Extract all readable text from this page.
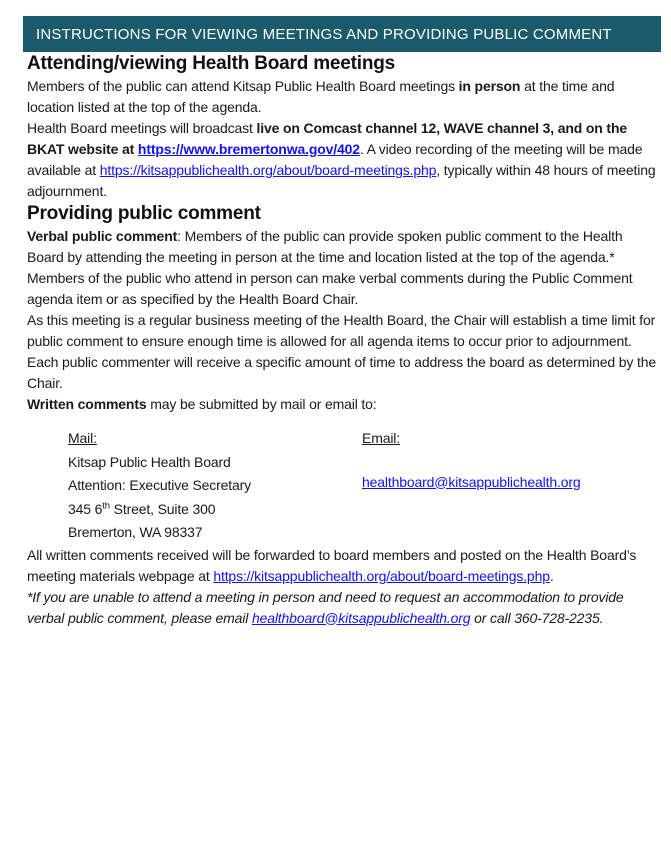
INSTRUCTIONS FOR VIEWING MEETINGS AND PROVIDING PUBLIC COMMENT
Attending/viewing Health Board meetings

Members of the public can attend Kitsap Public Health Board meetings in person at the time and location listed at the top of the agenda.

Health Board meetings will broadcast live on Comcast channel 12, WAVE channel 3, and on the BKAT website at https://www.bremertonwa.gov/402. A video recording of the meeting will be made available at https://kitsappublichealth.org/about/board-meetings.php, typically within 48 hours of meeting adjournment.

Providing public comment

Verbal public comment: Members of the public can provide spoken public comment to the Health Board by attending the meeting in person at the time and location listed at the top of the agenda.* Members of the public who attend in person can make verbal comments during the Public Comment agenda item or as specified by the Health Board Chair.

As this meeting is a regular business meeting of the Health Board, the Chair will establish a time limit for public comment to ensure enough time is allowed for all agenda items to occur prior to adjournment. Each public commenter will receive a specific amount of time to address the board as determined by the Chair.

Written comments may be submitted by mail or email to:

Mail:
Kitsap Public Health Board
Attention: Executive Secretary
345 6th Street, Suite 300
Bremerton, WA 98337
Email:
healthboard@kitsappublichealth.org

All written comments received will be forwarded to board members and posted on the Health Board’s meeting materials webpage at https://kitsappublichealth.org/about/board-meetings.php.

*If you are unable to attend a meeting in person and need to request an accommodation to provide verbal public comment, please email healthboard@kitsappublichealth.org or call 360-728-2235.
